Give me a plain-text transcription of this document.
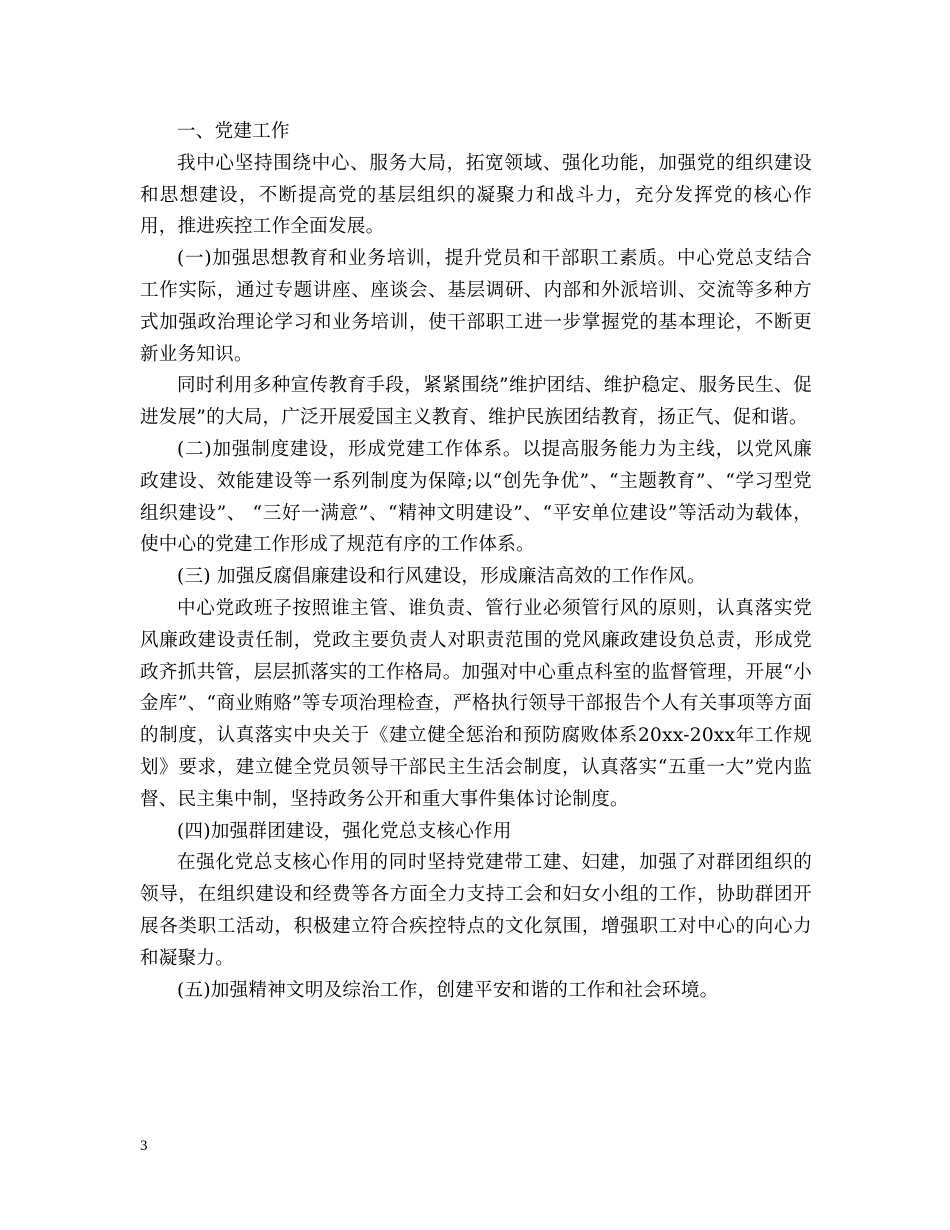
一、党建工作

我中心坚持围绕中心、服务大局，拓宽领域、强化功能，加强党的组织建设和思想建设，不断提高党的基层组织的凝聚力和战斗力，充分发挥党的核心作用，推进疾控工作全面发展。

(一)加强思想教育和业务培训，提升党员和干部职工素质。中心党总支结合工作实际，通过专题讲座、座谈会、基层调研、内部和外派培训、交流等多种方式加强政治理论学习和业务培训，使干部职工进一步掌握党的基本理论，不断更新业务知识。

同时利用多种宣传教育手段，紧紧围绕”维护团结、维护稳定、服务民生、促进发展”的大局，广泛开展爱国主义教育、维护民族团结教育，扬正气、促和谐。

(二)加强制度建设，形成党建工作体系。以提高服务能力为主线，以党风廉政建设、效能建设等一系列制度为保障;以“创先争优”、“主题教育”、“学习型党组织建设”、 “三好一满意”、“精神文明建设”、“平安单位建设”等活动为载体，使中心的党建工作形成了规范有序的工作体系。

(三) 加强反腐倡廉建设和行风建设，形成廉洁高效的工作作风。

中心党政班子按照谁主管、谁负责、管行业必须管行风的原则，认真落实党风廉政建设责任制，党政主要负责人对职责范围的党风廉政建设负总责，形成党政齐抓共管，层层抓落实的工作格局。加强对中心重点科室的监督管理，开展“小金库”、“商业贿赂”等专项治理检查，严格执行领导干部报告个人有关事项等方面的制度，认真落实中央关于《建立健全惩治和预防腐败体系20xx-20xx年工作规划》要求，建立健全党员领导干部民主生活会制度，认真落实“五重一大”党内监督、民主集中制，坚持政务公开和重大事件集体讨论制度。

(四)加强群团建设，强化党总支核心作用

在强化党总支核心作用的同时坚持党建带工建、妇建，加强了对群团组织的领导，在组织建设和经费等各方面全力支持工会和妇女小组的工作，协助群团开展各类职工活动，积极建立符合疾控特点的文化氛围，增强职工对中心的向心力和凝聚力。

(五)加强精神文明及综治工作，创建平安和谐的工作和社会环境。

3
